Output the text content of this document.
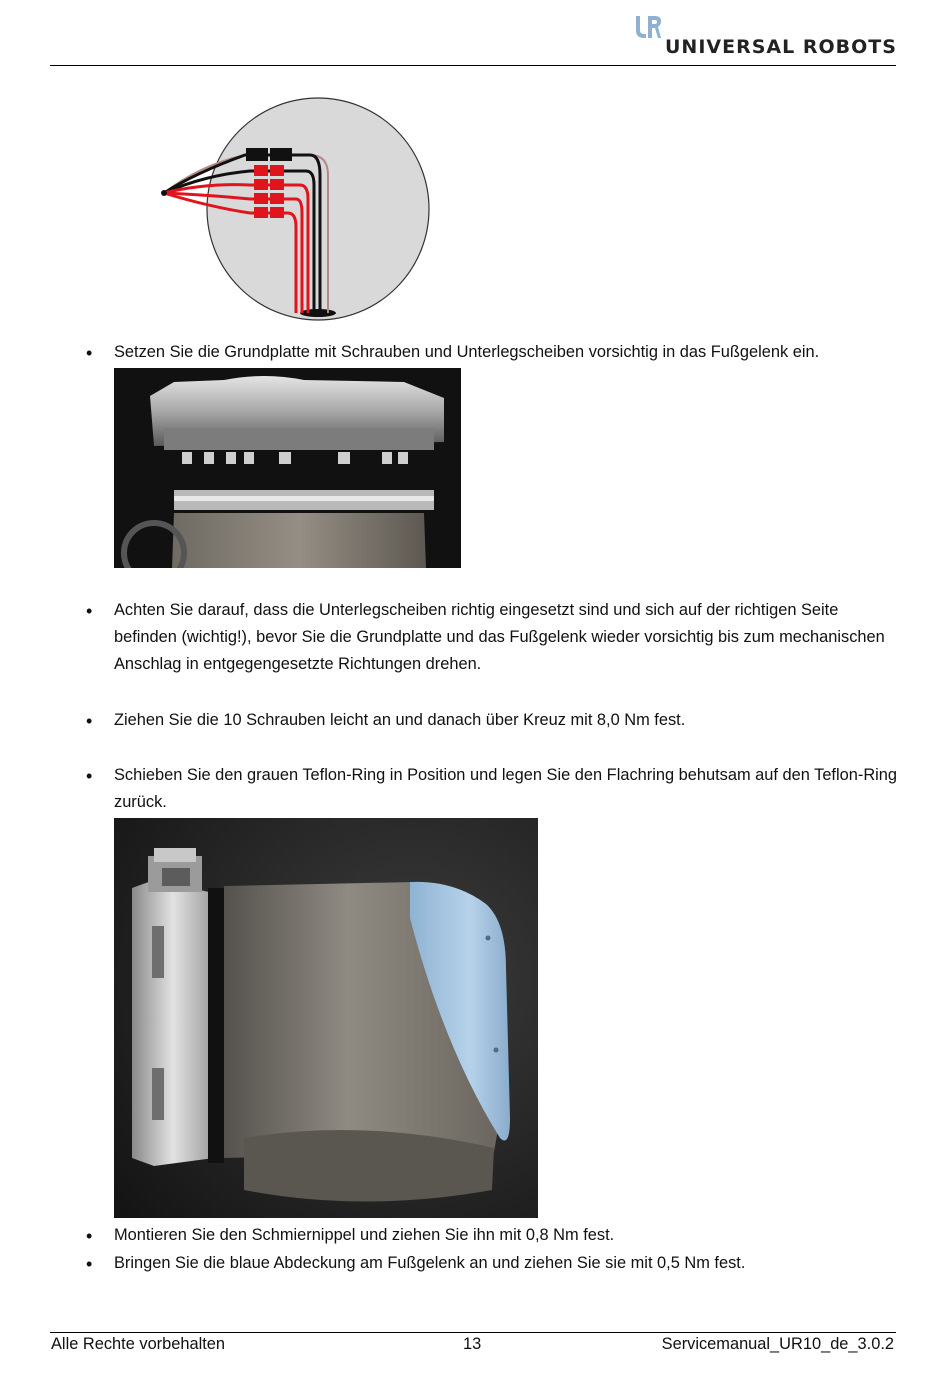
UNIVERSAL ROBOTS
• Setzen Sie die Grundplatte mit Schrauben und Unterlegscheiben vorsichtig in das Fußgelenk ein.
• Achten Sie darauf, dass die Unterlegscheiben richtig eingesetzt sind und sich auf der richtigen Seite befinden (wichtig!), bevor Sie die Grundplatte und das Fußgelenk wieder vorsichtig bis zum mechanischen Anschlag in entgegengesetzte Richtungen drehen.
• Ziehen Sie die 10 Schrauben leicht an und danach über Kreuz mit 8,0 Nm fest.
• Schieben Sie den grauen Teflon-Ring in Position und legen Sie den Flachring behutsam auf den Teflon-Ring zurück.
• Montieren Sie den Schmiernippel und ziehen Sie ihn mit 0,8 Nm fest.
• Bringen Sie die blaue Abdeckung am Fußgelenk an und ziehen Sie sie mit 0,5 Nm fest.
Alle Rechte vorbehalten	13	Servicemanual_UR10_de_3.0.2
